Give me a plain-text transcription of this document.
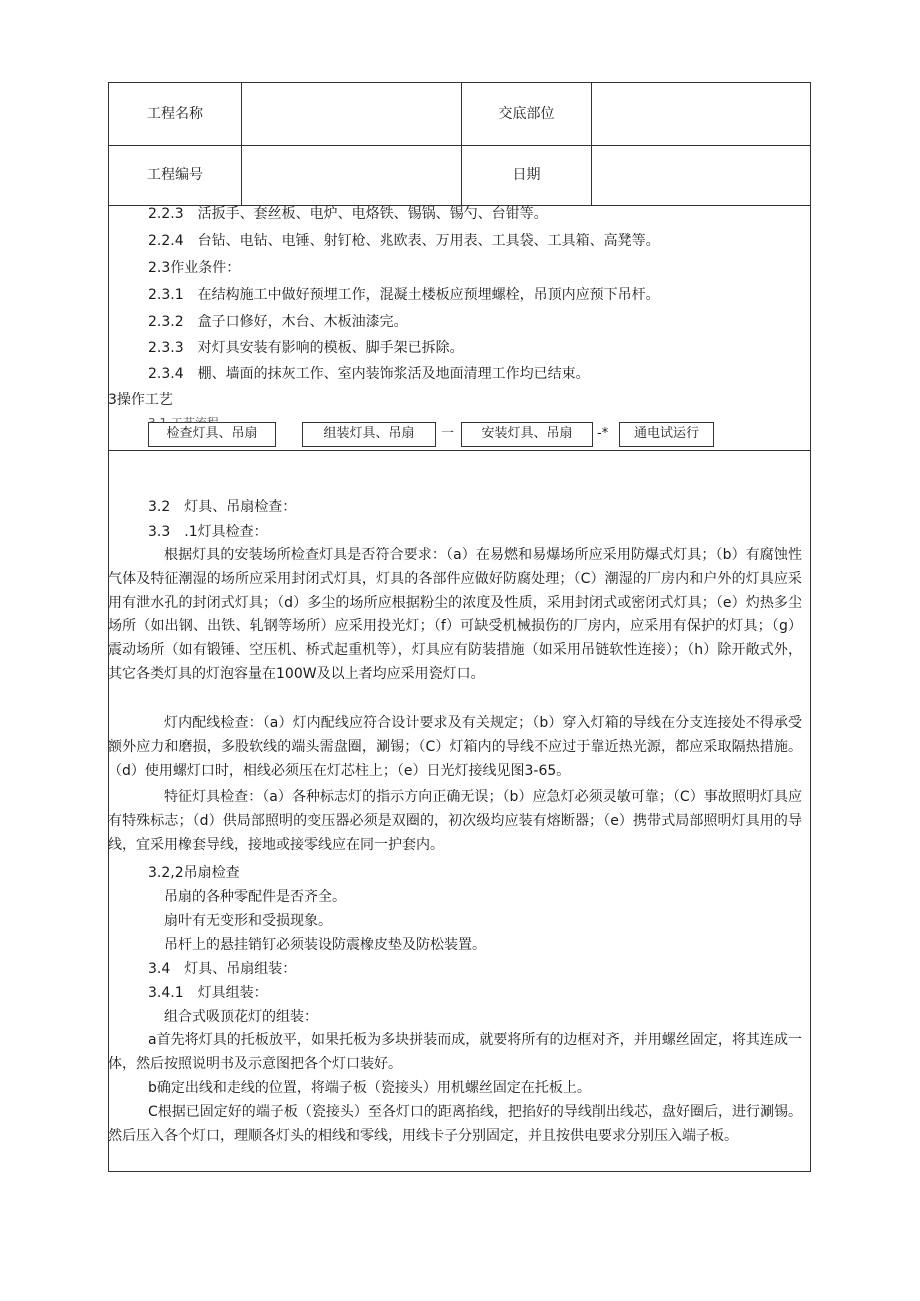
工程名称	交底部位
工程编号	日期
2.2.3　活扳手、套丝板、电炉、电烙铁、锡锅、锡勺、台钳等。
2.2.4　台钻、电钻、电锤、射钉枪、兆欧表、万用表、工具袋、工具箱、高凳等。
2.3作业条件：
2.3.1　在结构施工中做好预埋工作，混凝土楼板应预埋螺栓，吊顶内应预下吊杆。
2.3.2　盒子口修好，木台、木板油漆完。
2.3.3　对灯具安装有影响的模板、脚手架已拆除。
2.3.4　棚、墙面的抹灰工作、室内装饰浆活及地面清理工作均已结束。
3操作工艺
检查灯具、吊扇	组装灯具、吊扇	一	安装灯具、吊扇	-*	通电试运行
3.2　灯具、吊扇检查：
3.3　.1灯具检查：
根据灯具的安装场所检查灯具是否符合要求：（a）在易燃和易爆场所应采用防爆式灯具；（b）有腐蚀性气体及特征潮湿的场所应采用封闭式灯具，灯具的各部件应做好防腐处理；（C）潮湿的厂房内和户外的灯具应采用有泄水孔的封闭式灯具；（d）多尘的场所应根据粉尘的浓度及性质，采用封闭式或密闭式灯具；（e）灼热多尘场所（如出钢、出铁、轧钢等场所）应采用投光灯；（f）可缺受机械损伤的厂房内，应采用有保护的灯具；（g）震动场所（如有锻锤、空压机、桥式起重机等），灯具应有防装措施（如采用吊链软性连接）；（h）除开敞式外，其它各类灯具的灯泡容量在100W及以上者均应采用瓷灯口。
灯内配线检查：（a）灯内配线应符合设计要求及有关规定；（b）穿入灯箱的导线在分支连接处不得承受额外应力和磨损，多股软线的端头需盘圈，涮锡；（C）灯箱内的导线不应过于靠近热光源，都应采取隔热措施。（d）使用螺灯口时，相线必须压在灯芯柱上；（e）日光灯接线见图3-65。
特征灯具检查：（a）各种标志灯的指示方向正确无误；（b）应急灯必须灵敏可靠；（C）事故照明灯具应有特殊标志；（d）供局部照明的变压器必须是双圈的，初次级均应装有熔断器；（e）携带式局部照明灯具用的导线，宜采用橡套导线，接地或接零线应在同一护套内。
3.2,2吊扇检查
吊扇的各种零配件是否齐全。
扇叶有无变形和受损现象。
吊杆上的悬挂销钉必须装设防震橡皮垫及防松装置。
3.4　灯具、吊扇组装：
3.4.1　灯具组装：
组合式吸顶花灯的组装：
a首先将灯具的托板放平，如果托板为多块拼装而成，就要将所有的边框对齐，并用螺丝固定，将其连成一体，然后按照说明书及示意图把各个灯口装好。
b确定出线和走线的位置，将端子板（瓷接头）用机螺丝固定在托板上。
C根据已固定好的端子板（瓷接头）至各灯口的距离掐线，把掐好的导线削出线芯，盘好圈后，进行涮锡。然后压入各个灯口，理顺各灯头的相线和零线，用线卡子分别固定，并且按供电要求分别压入端子板。
